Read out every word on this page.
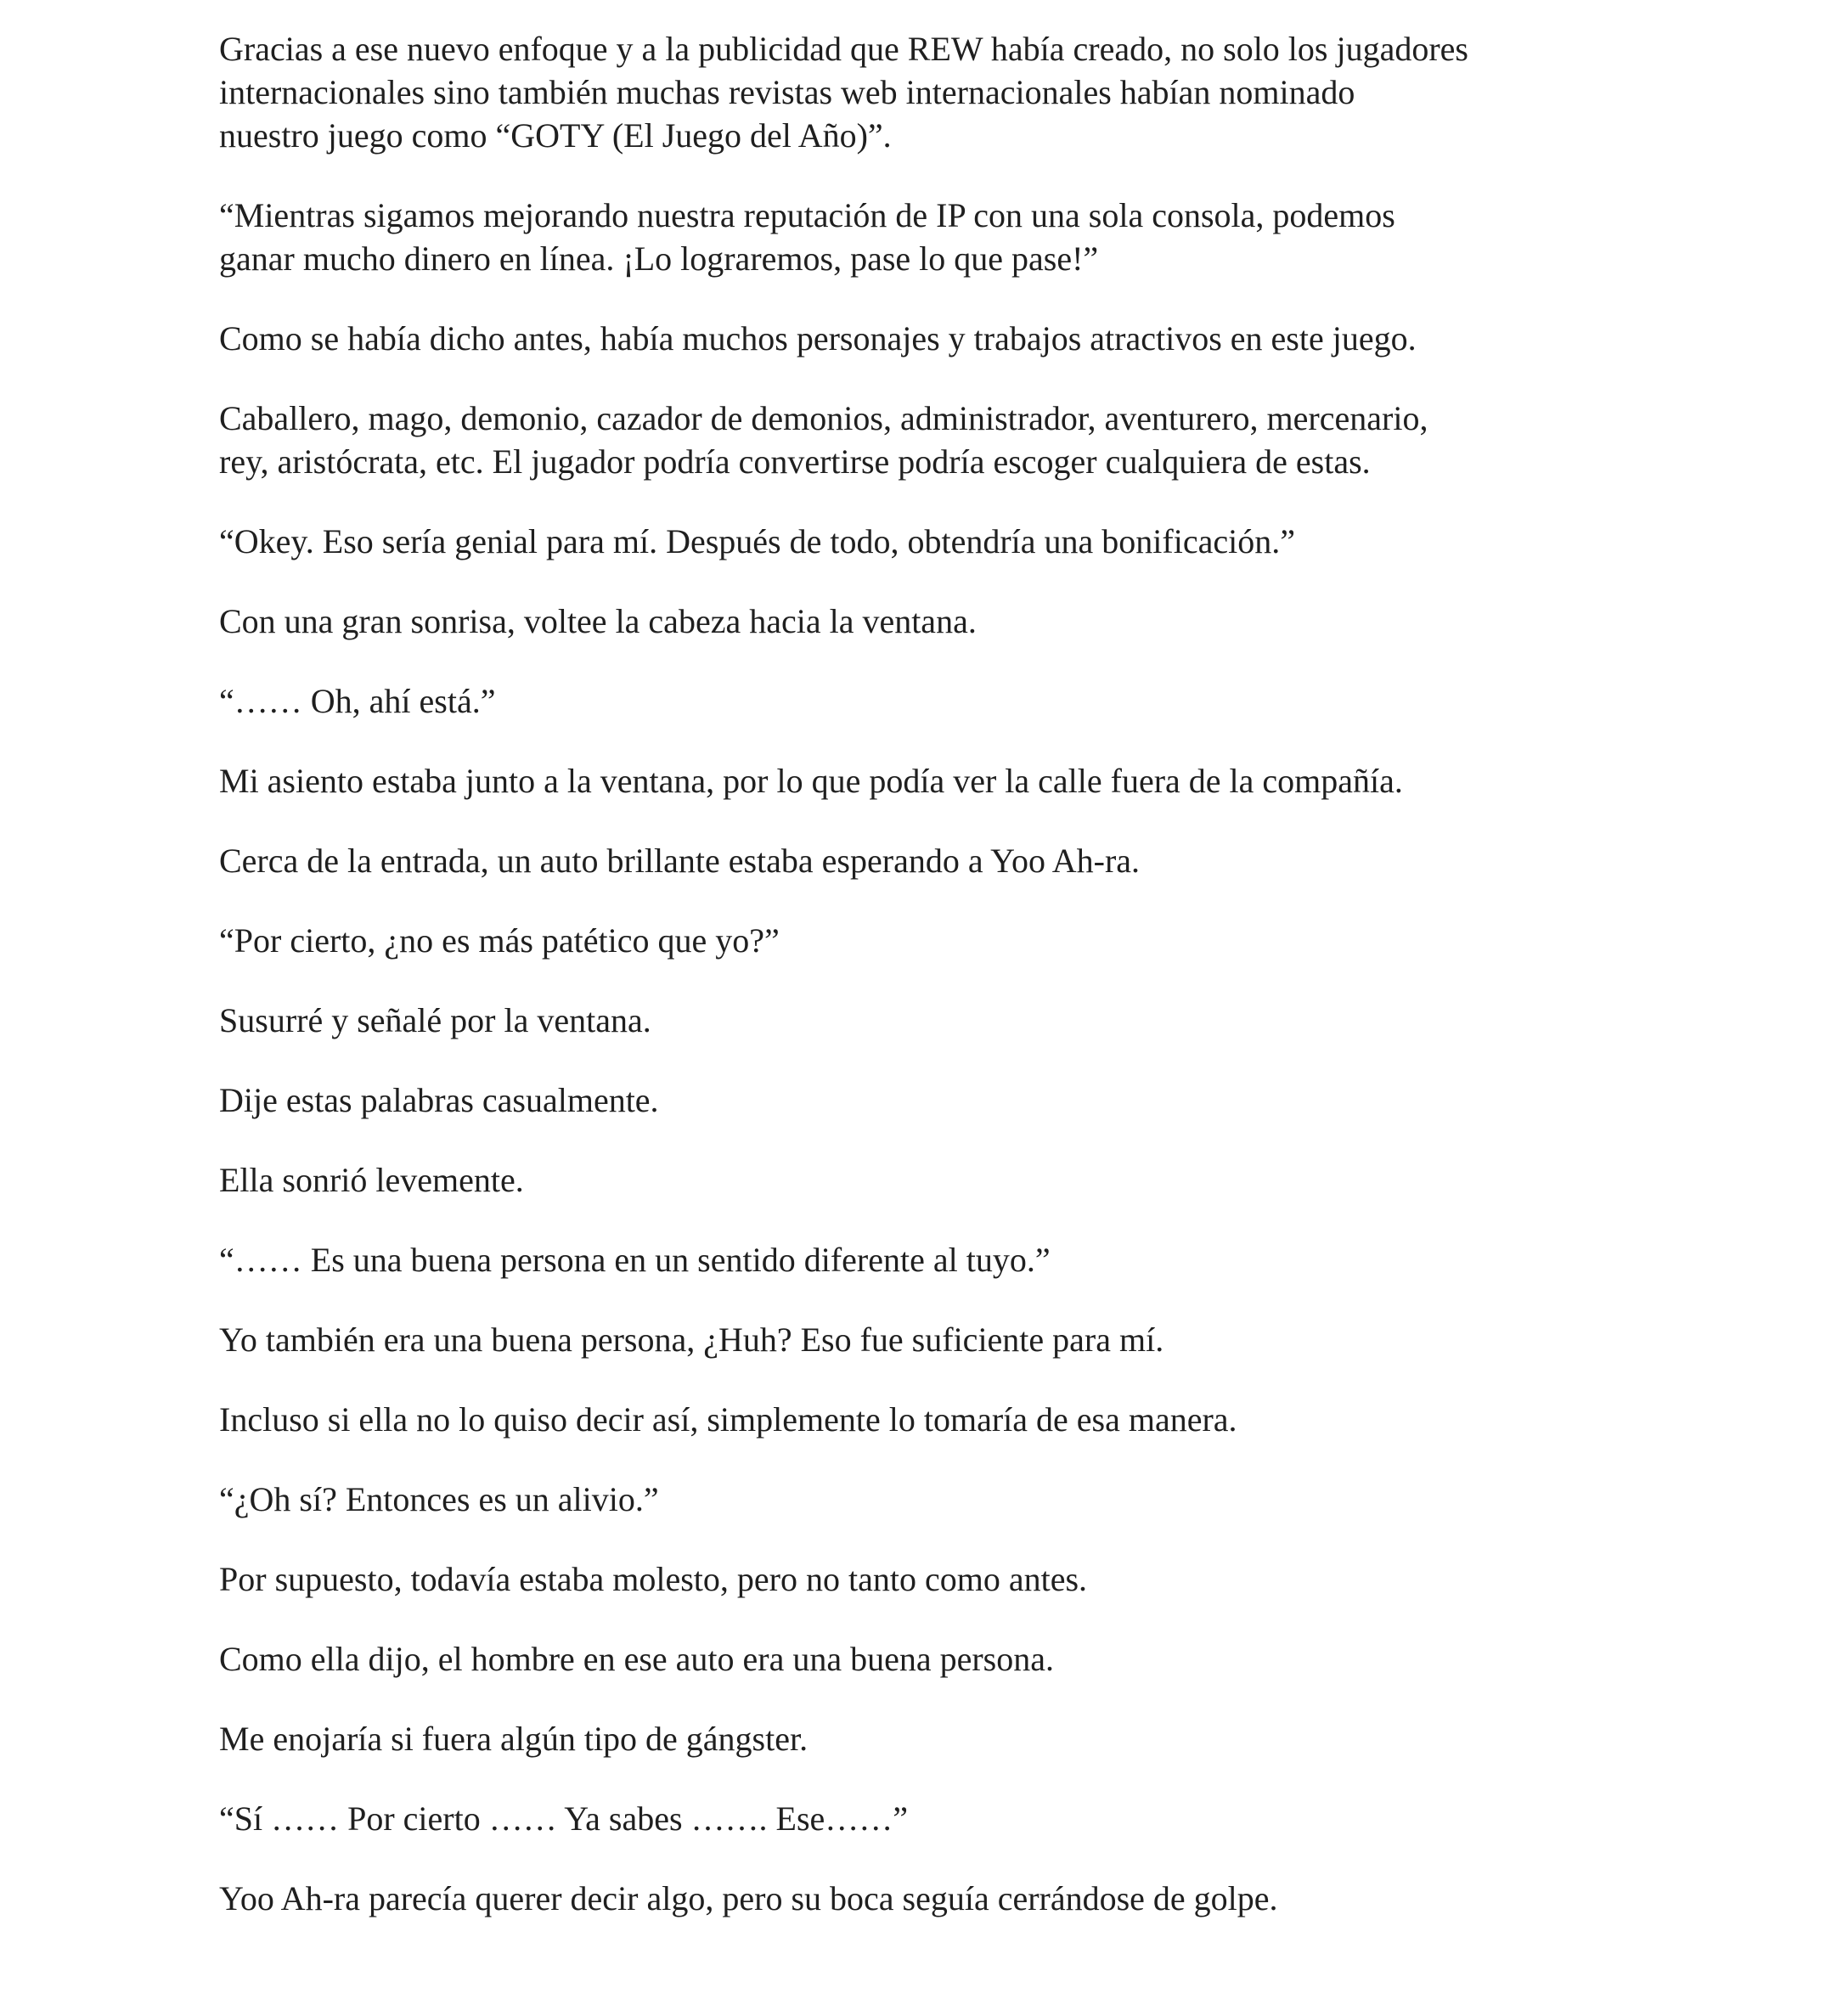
Gracias a ese nuevo enfoque y a la publicidad que REW había creado, no solo los jugadores
internacionales sino también muchas revistas web internacionales habían nominado
nuestro juego como “GOTY (El Juego del Año)”.

“Mientras sigamos mejorando nuestra reputación de IP con una sola consola, podemos
ganar mucho dinero en línea. ¡Lo lograremos, pase lo que pase!”

Como se había dicho antes, había muchos personajes y trabajos atractivos en este juego.

Caballero, mago, demonio, cazador de demonios, administrador, aventurero, mercenario,
rey, aristócrata, etc. El jugador podría convertirse podría escoger cualquiera de estas.

“Okey. Eso sería genial para mí. Después de todo, obtendría una bonificación.”

Con una gran sonrisa, voltee la cabeza hacia la ventana.

“…… Oh, ahí está.”

Mi asiento estaba junto a la ventana, por lo que podía ver la calle fuera de la compañía.

Cerca de la entrada, un auto brillante estaba esperando a Yoo Ah-ra.

“Por cierto, ¿no es más patético que yo?”

Susurré y señalé por la ventana.

Dije estas palabras casualmente.

Ella sonrió levemente.

“…… Es una buena persona en un sentido diferente al tuyo.”

Yo también era una buena persona, ¿Huh? Eso fue suficiente para mí.

Incluso si ella no lo quiso decir así, simplemente lo tomaría de esa manera.

“¿Oh sí? Entonces es un alivio.”

Por supuesto, todavía estaba molesto, pero no tanto como antes.

Como ella dijo, el hombre en ese auto era una buena persona.

Me enojaría si fuera algún tipo de gángster.

“Sí …… Por cierto …… Ya sabes ……. Ese……”

Yoo Ah-ra parecía querer decir algo, pero su boca seguía cerrándose de golpe.
